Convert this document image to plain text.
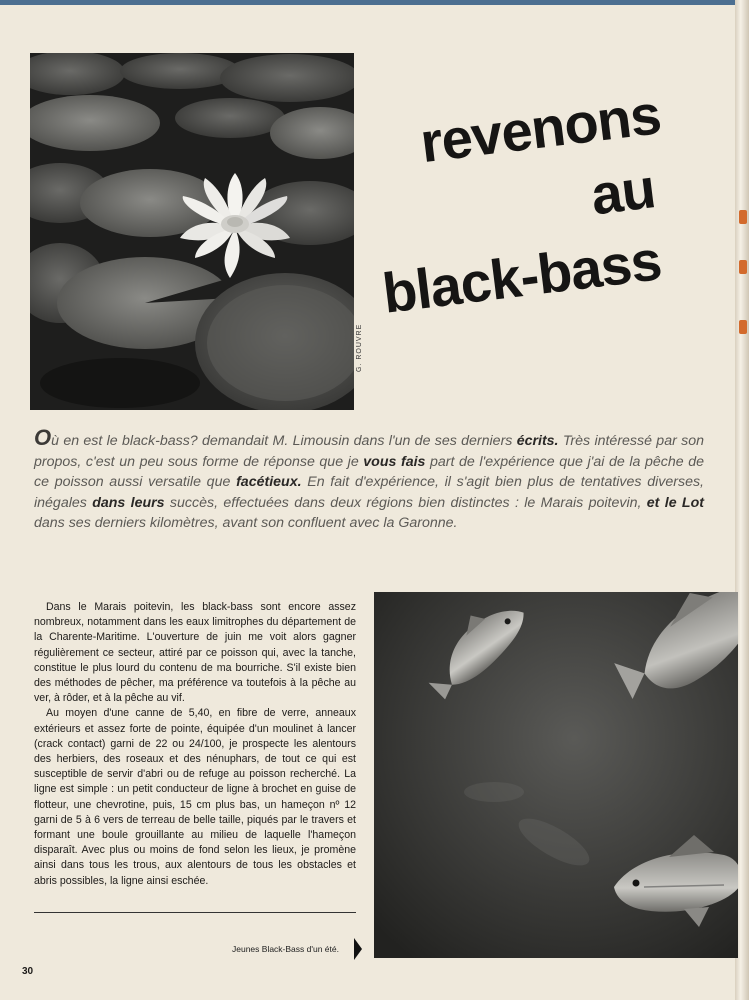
G. ROUVRE
revenons
au
black-bass
Où en est le black-bass? demandait M. Limousin dans l'un de ses derniers écrits. Très intéressé par son propos, c'est un peu sous forme de réponse que je vous fais part de l'expérience que j'ai de la pêche de ce poisson aussi versatile que facétieux. En fait d'expérience, il s'agit bien plus de tentatives diverses, inégales dans leurs succès, effectuées dans deux régions bien distinctes : le Marais poitevin, et le Lot dans ses derniers kilomètres, avant son confluent avec la Garonne.

Dans le Marais poitevin, les black-bass sont encore assez nombreux, notamment dans les eaux limitrophes du département de la Charente-Maritime. L'ouverture de juin me voit alors gagner régulièrement ce secteur, attiré par ce poisson qui, avec la tanche, constitue le plus lourd du contenu de ma bourriche. S'il existe bien des méthodes de pêcher, ma préférence va toutefois à la pêche au ver, à rôder, et à la pêche au vif.

Au moyen d'une canne de 5,40, en fibre de verre, anneaux extérieurs et assez forte de pointe, équipée d'un moulinet à lancer (crack contact) garni de 22 ou 24/100, je prospecte les alentours des herbiers, des roseaux et des nénuphars, de tout ce qui est susceptible de servir d'abri ou de refuge au poisson recherché. La ligne est simple : un petit conducteur de ligne à brochet en guise de flotteur, une chevrotine, puis, 15 cm plus bas, un hameçon nº 12 garni de 5 à 6 vers de terreau de belle taille, piqués par le travers et formant une boule grouillante au milieu de laquelle l'hameçon disparaît. Avec plus ou moins de fond selon les lieux, je promène ainsi dans tous les trous, aux alentours de tous les obstacles et abris possibles, la ligne ainsi eschée.

Jeunes Black-Bass d'un été.
30
